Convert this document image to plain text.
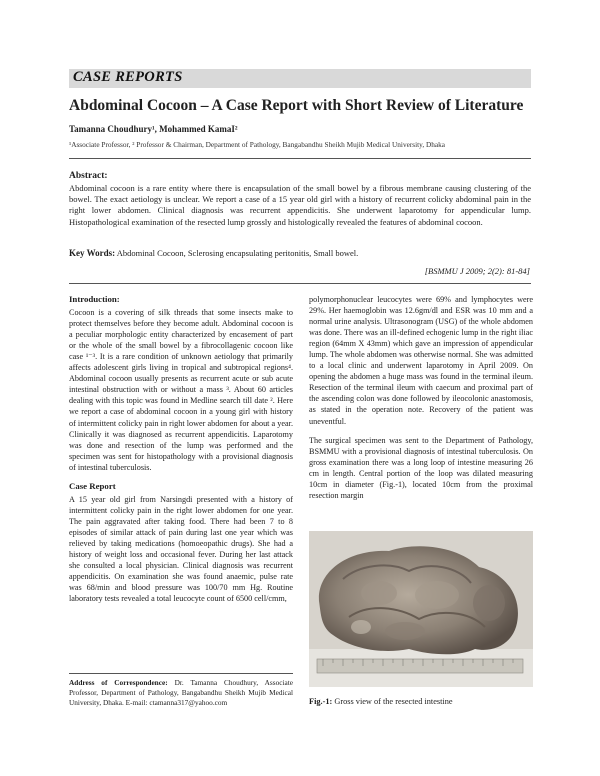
CASE REPORTS
Abdominal Cocoon – A Case Report with Short Review of Literature
Tamanna Choudhury¹, Mohammed KamaI²
¹Associate Professor, ² Professor & Chairman, Department of Pathology, Bangabandhu Sheikh Mujib Medical University, Dhaka
Abstract:

Abdominal cocoon is a rare entity where there is encapsulation of the small bowel by a fibrous membrane causing clustering of the bowel. The exact aetiology is unclear. We report a case of a 15 year old girl with a history of recurrent colicky abdominal pain in the right lower abdomen. Clinical diagnosis was recurrent appendicitis. She underwent laparotomy for appendicular lump. Histopathological examination of the resected lump grossly and histologically revealed the features of abdominal cocoon.

Key Words: Abdominal Cocoon, Sclerosing encapsulating peritonitis, Small bowel.
[BSMMU J 2009; 2(2): 81-84]

Introduction:

Cocoon is a covering of silk threads that some insects make to protect themselves before they become adult. Abdominal cocoon is a peculiar morphologic entity characterized by encasement of part or the whole of the small bowel by a fibrocollagenic cocoon like case ¹⁻³. It is a rare condition of unknown aetiology that primarily affects adolescent girls living in tropical and subtropical regions⁴. Abdominal cocoon usually presents as recurrent acute or sub acute intestinal obstruction with or without a mass ³. About 60 articles dealing with this topic was found in Medline search till date ². Here we report a case of abdominal cocoon in a young girl with history of intermittent colicky pain in right lower abdomen for about a year. Clinically it was diagnosed as recurrent appendicitis. Laparotomy was done and resection of the lump was performed and the specimen was sent for histopathology with a provisional diagnosis of intestinal tuberculosis.

Case Report

A 15 year old girl from Narsingdi presented with a history of intermittent colicky pain in the right lower abdomen for one year. The pain aggravated after taking food. There had been 7 to 8 episodes of similar attack of pain during last one year which was relieved by taking medications (homoeopathic drugs). She had a history of weight loss and occasional fever. During her last attack she consulted a local physician. Clinical diagnosis was recurrent appendicitis. On examination she was found anaemic, pulse rate was 68/min and blood pressure was 100/70 mm Hg. Routine laboratory tests revealed a total leucocyte count of 6500 cell/cmm,

polymorphonuclear leucocytes were 69% and lymphocytes were 29%. Her haemoglobin was 12.6gm/dl and ESR was 10 mm and a normal urine analysis. Ultrasonogram (USG) of the whole abdomen was done. There was an ill-defined echogenic lump in the right iliac region (64mm X 43mm) which gave an impression of appendicular lump. The whole abdomen was otherwise normal. She was admitted to a local clinic and underwent laparotomy in April 2009. On opening the abdomen a huge mass was found in the terminal ileum. Resection of the terminal ileum with caecum and proximal part of the ascending colon was done followed by ileocolonic anastomosis, as stated in the operation note. Recovery of the patient was uneventful.

The surgical specimen was sent to the Department of Pathology, BSMMU with a provisional diagnosis of intestinal tuberculosis. On gross examination there was a long loop of intestine measuring 26 cm in length. Central portion of the loop was dilated measuring 10cm in diameter (Fig.-1), located 10cm from the proximal resection margin

Address of Correspondence: Dr. Tamanna Choudhury, Associate Professor, Department of Pathology, Bangabandhu Sheikh Mujib Medical University, Dhaka. E-mail: ctamanna317@yahoo.com	Fig.-1: Gross view of the resected intestine
